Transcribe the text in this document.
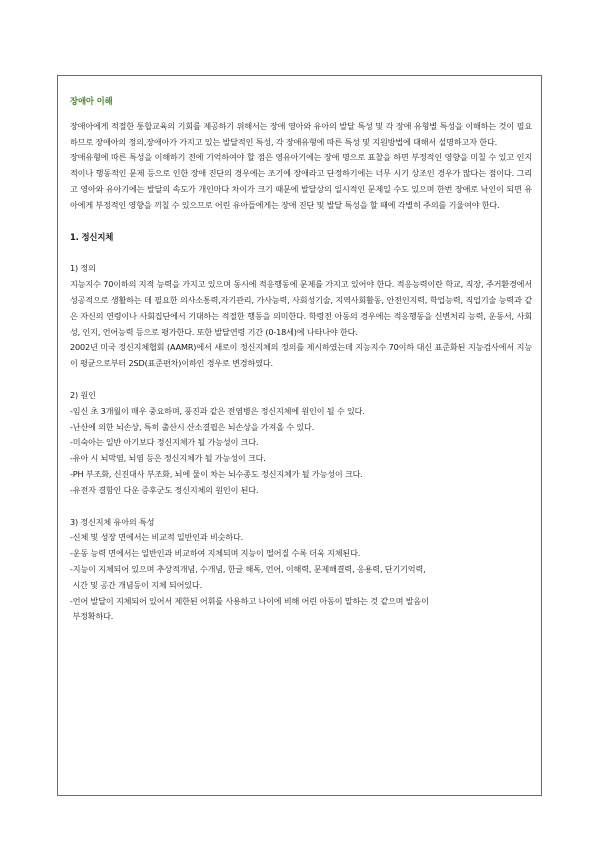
장애아 이해

장애아에게 적절한 통합교육의 기회를 제공하기 위해서는 장애 영아와 유아의 발달 특성 및 각 장애 유형별 특성을 이해하는 것이 필요하므로 장애아의 정의,장애아가 가지고 있는 발달적인 특성, 각 장애유형에 따른 특성 및 지원방법에 대해서 설명하고자 한다.

장애유형에 따른 특성을 이해하기 전에 기억하여야 할 점은 영유아기에는 장애 명으로 표찰을 하면 부정적인 영향을 미칠 수 있고 인지적이나 행동적인 문제 등으로 인한 장애 진단의 경우에는 조기에 장애라고 단정하기에는 너무 시기 상조인 경우가 많다는 점이다. 그리고 영아와 유아기에는 발달의 속도가 개인마다 차이가 크기 때문에 발달상의 일시적인 문제일 수도 있으며 한번 장애로 낙인이 되면 유아에게 부정적인 영향을 끼칠 수 있으므로 어린 유아들에게는 장애 진단 및 발달 특성을 할 때에 각별히 주의를 기울여야 한다.

1. 정신지체

1) 정의

지능지수 70이하의 지적 능력을 가지고 있으며 동시에 적응행동에 문제를 가지고 있어야 한다. 적응능력이란 학교, 직장, 주거환경에서 성공적으로 생활하는 데 필요한 의사소통력,자기관리, 가사능력, 사회성기술, 지역사회활동, 안전인지력, 학업능력, 직업기술 능력과 같은 자신의 연령이나 사회집단에서 기대하는 적절한 행동을 의미한다. 학령전 아동의 경우에는 적응행동을 신변처리 능력, 운동서, 사회성, 인지, 언어능력 등으로 평가한다. 또한 발달연령 기간 (0-18세)에 나타나야 한다.

2002년 미국 정신지체협회 (AAMR)에서 새로이 정신지체의 정의를 제시하였는데 지능지수 70이하 대신 표준화된 지능검사에서 지능이 평균으로부터 2SD(표준편차)이하인 경우로 변경하였다.

2) 원인

-임신 초 3개월이 매우 중요하며, 풍진과 같은 전염병은 정신지체에 원인이 될 수 있다.

-난산에 의한 뇌손상, 특히 출산시 산소결핍은 뇌손상을 가져올 수 있다.

-미숙아는 일반 아기보다 정신지체가 될 가능성이 크다.

-유아 시 뇌막염, 뇌염 등은 정신지체가 될 가능성이 크다.

-PH 부조화, 신진대사 부조화, 뇌에 물이 차는 뇌수종도 정신지체가 될 가능성이 크다.

-유전자 결함인 다운 증후군도 정신지체의 원인이 된다.

3) 정신지체 유아의 특성

-신체 및 성장 면에서는 비교적 일반인과 비슷하다.

-운동 능력 면에서는 일반인과 비교하여 지체되며 지능이 떨어질 수록 더욱 지체된다.

-지능이 지체되어 있으며 추상적개념, 수개념, 한글 해독, 언어, 이해력, 문제해결력, 응용력, 단기기억력,

시간 및 공간 개념등이 지체 되어있다.

-언어 발달이 지체되어 있어서 제한된 어휘를 사용하고 나이에 비해 어린 아동이 말하는 것 같으며 발음이

부정확하다.
